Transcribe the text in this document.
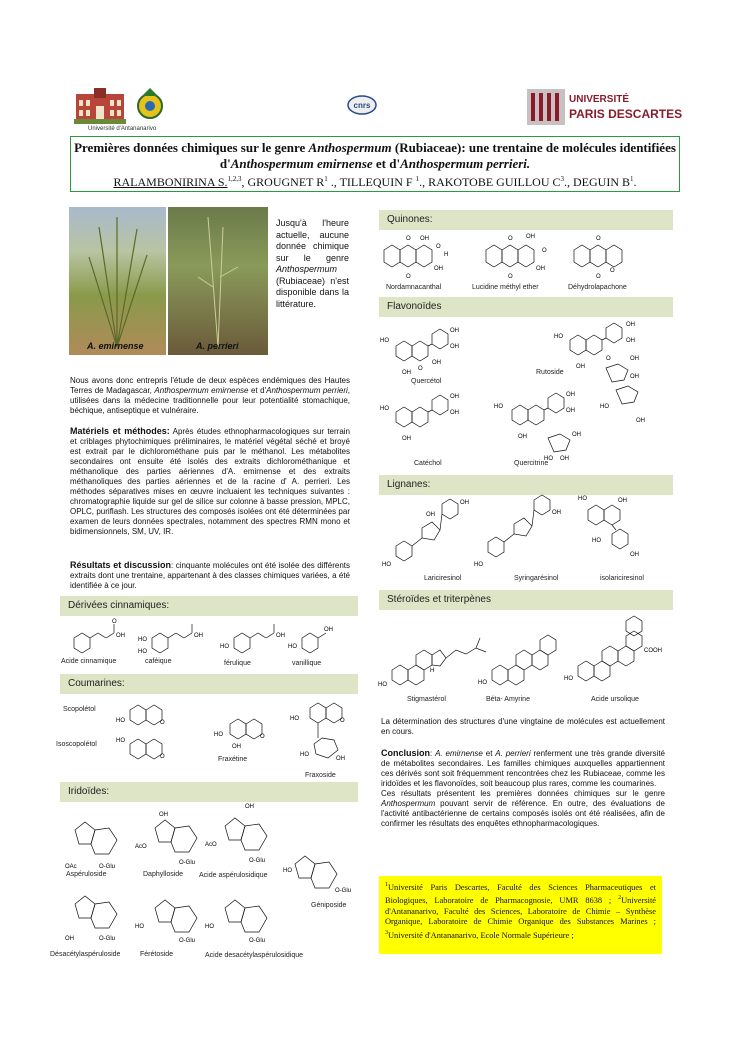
Université d'Antananarivo
cnrs
UNIVERSITÉ
PARIS DESCARTES
Premières données chimiques sur le genre Anthospermum (Rubiaceae): une trentaine de molécules identifiées
d'Anthospermum emirnense et d'Anthospermum perrieri.
RALAMBONIRINA S.$^{1,2,3}$, GROUGNET $R^1$ ., TILLEQUIN F $^1$., RAKOTOBE GUILLOU $C^3$., DEGUIN $B^1$.
A. emirnense	A. perrieri
Jusqu'à l'heure actuelle, aucune donnée chimique sur le genre Anthospermum (Rubiaceae) n'est disponible dans la littérature.
Nous avons donc entrepris l'étude de deux espèces endémiques des Hautes Terres de Madagascar, Anthospermum emirnense et d'Anthospermum perrieri, utilisées dans la médecine traditionnelle pour leur potentialité stomachique, béchique, antiseptique et vulnéraire.
Matériels et méthodes: Après études ethnopharmacologiques sur terrain et criblages phytochimiques préliminaires, le matériel végétal séché et broyé est extrait par le dichlorométhane puis par le méthanol. Les métabolites secondaires ont ensuite été isolés des extraits dichlorométhanique et méthanolique des parties aériennes d'A. emirnense et des extraits méthanoliques des parties aériennes et de la racine d' A. perrieri. Les méthodes séparatives mises en œuvre incluaient les techniques suivantes : chromatographie liquide sur gel de silice sur colonne à basse pression, MPLC, OPLC, puriflash. Les structures des composés isolées ont été déterminées par examen de leurs données spectrales, notamment des spectres RMN mono et bidimensionnels, SM, UV, IR.
Résultats et discussion: cinquante molécules ont été isolée des différents extraits dont une trentaine, appartenant à des classes chimiques variées, a été identifiée à ce jour.
Dérivées cinnamiques:
Coumarines:
Iridoïdes:
O
OH
HO
HO
OH
HO
OH
HO
OH
Acide cinnamique	caféique	férulique	vanillique
O
HO
O
HO
O
HO
OH
O
HO
HO
OH
Scopolétol
Isoscopolétol
Fraxétine
Fraxoside
OAc	O-Glu
OH
AcO
O-Glu
OH
AcO
O-Glu
HO
O-Glu
OH	O-Glu
HO
O-Glu
HO
O-Glu
Aspéruloside	Daphylloside Acide aspérulosidique
Géniposide
Désacétylaspéruloside	Férétoside	Acide desacétylaspérulosidique
Quinones:
Flavonoïdes
Lignanes:
Stéroïdes et triterpènes
O
O
OH
O
H
OH
O
O
OH
O
OH
O
O
O
Nordamnacanthal	Lucidine méthyl ether	Déhydrolapachone
HO
OH
O
OH
OH
OH
HO
OH
OH
OH
O	OH
OH
HO
OH
HO
OH
OH
OH
HO
OH
OH
OH
OH
HO OH
Quercétol
Rutoside
Catéchol	Quercitrine
OH
OH
HO
OH
HO
HO	OH
HO
OH
Lariciresinol	Syringarésinol	isolariciresinol
HO
H
HO
HO
COOH
Stigmastérol	Béta- Amyrine	Acide ursolique
La détermination des structures d'une vingtaine de molécules est actuellement en cours.
Conclusion: A. emirnense et A. perrieri renferment une très grande diversité de métabolites secondaires. Les familles chimiques auxquelles appartiennent ces dérivés sont soit fréquemment rencontrées chez les Rubiaceae, comme les iridoïdes et les flavonoïdes, soit beaucoup plus rares, comme les coumarines.
Ces résultats présentent les premières données chimiques sur le genre Anthospermum pouvant servir de référence. En outre, des évaluations de l'activité antibactérienne de certains composés isolés ont été réalisées, afin de confirmer les résultats des enquêtes ethnopharmacologiques.
$^1$Université Paris Descartes, Faculté des Sciences Pharmaceutiques et Biologiques, Laboratoire de Pharmacognosie, UMR 8638 ; $^2$Université d'Antananarivo, Faculté des Sciences, Laboratoire de Chimie – Synthèse Organique, Laboratoire de Chimie Organique des Substances Marines ; $^3$Université d'Antananarivo, Ecole Normale Supérieure ;
